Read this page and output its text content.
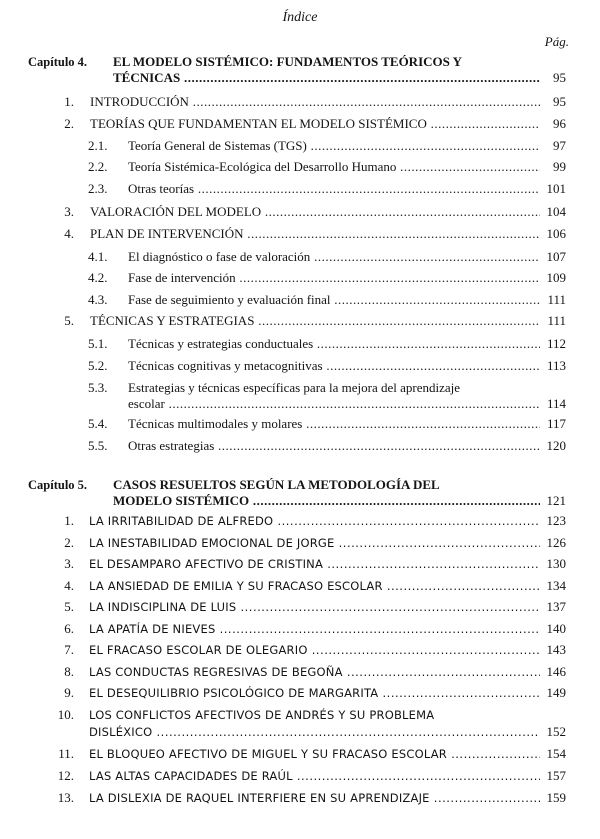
Índice
Pág.
Capítulo 4. EL MODELO SISTÉMICO: FUNDAMENTOS TEÓRICOS Y
TÉCNICAS .....	95
1. INTRODUCCIÓN .....	95
2. TEORÍAS QUE FUNDAMENTAN EL MODELO SISTÉMICO .....	96
2.1. Teoría General de Sistemas (TGS) .....	97
2.2. Teoría Sistémica-Ecológica del Desarrollo Humano .....	99
2.3. Otras teorías .....	101
3. VALORACIÓN DEL MODELO .....	104
4. PLAN DE INTERVENCIÓN .....	106
4.1. El diagnóstico o fase de valoración .....	107
4.2. Fase de intervención .....	109
4.3. Fase de seguimiento y evaluación final .....	111
5. TÉCNICAS Y ESTRATEGIAS .....	111
5.1. Técnicas y estrategias conductuales .....	112
5.2. Técnicas cognitivas y metacognitivas .....	113
5.3. Estrategias y técnicas específicas para la mejora del aprendizaje
escolar .....	114
5.4. Técnicas multimodales y molares .....	117
5.5. Otras estrategias .....	120
Capítulo 5. CASOS RESUELTOS SEGÚN LA METODOLOGÍA DEL
MODELO SISTÉMICO .....	121
1. LA IRRITABILIDAD DE ALFREDO .....	123
2. LA INESTABILIDAD EMOCIONAL DE JORGE .....	126
3. EL DESAMPARO AFECTIVO DE CRISTINA .....	130
4. LA ANSIEDAD DE EMILIA Y SU FRACASO ESCOLAR .....	134
5. LA INDISCIPLINA DE LUIS .....	137
6. LA APATÍA DE NIEVES .....	140
7. EL FRACASO ESCOLAR DE OLEGARIO .....	143
8. LAS CONDUCTAS REGRESIVAS DE BEGOÑA .....	146
9. EL DESEQUILIBRIO PSICOLÓGICO DE MARGARITA .....	149
10. LOS CONFLICTOS AFECTIVOS DE ANDRÉS Y SU PROBLEMA
DISLÉXICO .....	152
11. EL BLOQUEO AFECTIVO DE MIGUEL Y SU FRACASO ESCOLAR .....	154
12. LAS ALTAS CAPACIDADES DE RAÚL .....	157
13. LA DISLEXIA DE RAQUEL INTERFIERE EN SU APRENDIZAJE .....	159
